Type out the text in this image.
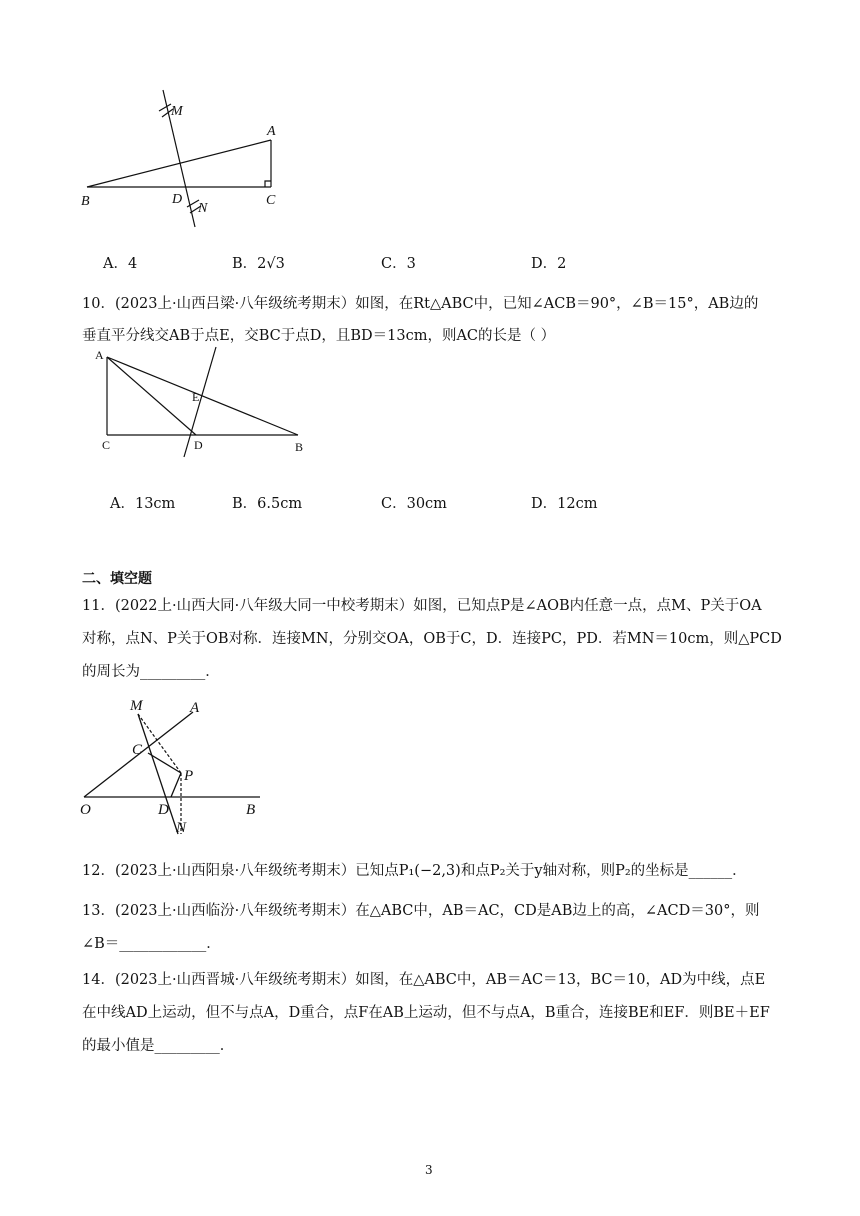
M
A
B	D
N
C
A．4	B．2√3	C．3	D．2
10．(2023上·山西吕梁·八年级统考期末）如图，在Rt△ABC中，已知∠ACB＝90°，∠B＝15°，AB边的
垂直平分线交AB于点E，交BC于点D，且BD＝13cm，则AC的长是（ ）
A
E
C	D	B
A．13cm	B．6.5cm	C．30cm	D．12cm
二、填空题
11．(2022上·山西大同·八年级大同一中校考期末）如图，已知点P是∠AOB内任意一点，点M、P关于OA
对称，点N、P关于OB对称．连接MN，分别交OA，OB于C，D．连接PC，PD．若MN＝10cm，则△PCD
的周长为_________．
M	A
C
P
O	D	B
N
12．(2023上·山西阳泉·八年级统考期末）已知点P₁(−2,3)和点P₂关于y轴对称，则P₂的坐标是______．
13．(2023上·山西临汾·八年级统考期末）在△ABC中，AB＝AC，CD是AB边上的高，∠ACD＝30°，则
∠B＝____________．
14．(2023上·山西晋城·八年级统考期末）如图，在△ABC中，AB＝AC＝13，BC＝10，AD为中线，点E
在中线AD上运动，但不与点A，D重合，点F在AB上运动，但不与点A，B重合，连接BE和EF．则BE＋EF
的最小值是_________．
3
